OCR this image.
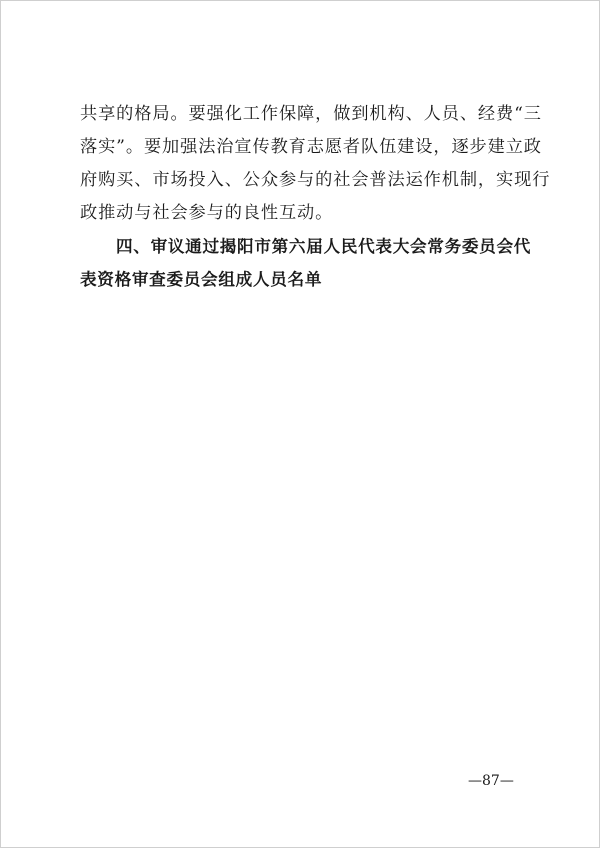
共享的格局。要强化工作保障，做到机构、人员、经费“三
落实”。要加强法治宣传教育志愿者队伍建设，逐步建立政
府购买、市场投入、公众参与的社会普法运作机制，实现行
政推动与社会参与的良性互动。

四、审议通过揭阳市第六届人民代表大会常务委员会代
表资格审查委员会组成人员名单
—87—
